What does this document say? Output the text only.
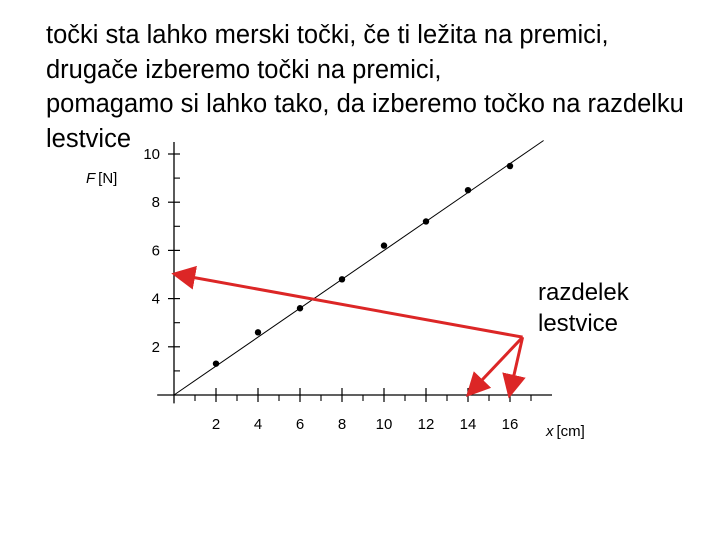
točki sta lahko merski točki, če ti ležita na premici,
drugače izberemo točki na premici,
pomagamo si lahko tako, da izberemo točko na razdelku
lestvice
2 4 6 8 10 12 14 16
2
4
6
8
10
F [N]
x [cm]
razdelek lestvice
